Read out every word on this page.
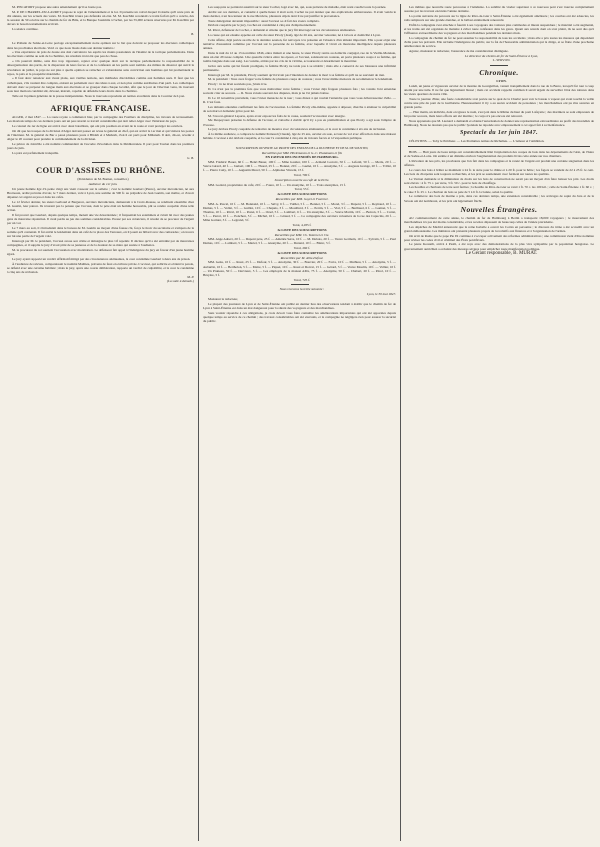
M. PISCATORY propose une autre amendement qu'il se borne pas.

M. P. DE CHARREL-DU-LAURET propose le rejet de l'amendement et la loi. Il présente un calcul duquel il résulte qu'il reste près de dix années, sur les actuels des vœux. M. Kœchlin n'aura pas défendre un état. M. M. Kœchlin reconnaît ce traité forfait qu'il a conclu, dès la session du 50 octobre sur le chemin de fer de Bâle, et la Banque l'assimile à l'achat, par les 55,000 actions réservées par M. Kœchlin par devers le besoin testamentaire écrivait.

La séance continue.

B.

Le Prélude de Saône-et-Loire portage exceptionnellement notre opinion sur le but que doivent se proposer les électeurs catholiques dans les prochaines élections. Voici ce que nous lisons dans son dernier numéro :

« Une expérience de près de douze ans doit convaincre les esprits les moins passionnés de l'inanité de la tactique parlementaire. Dans les élections comme au sein de la chambre, les résultats n'ont été que peu de chose.

« On pourrait même, sans être trop rigoureux, rejeter avec quelque droit sur la tactique parlementaire la responsabilité de la désorganisation des partis, de la dispersion de leurs forces et de la confusion où les partis sont tombés. Au milieu du désarroi qui suivit la révolution de juillet, le pays ne sut plus à quelle opinion se rattacher et s'abandonna sans conviction aux hommes qui lui promettaient le repos, la paix et la prospérité matérielle.

« Il faut donc renoncer aux vieux plans, aux vieilles notions, aux méthodes discréditées comme aux hommes usés. Il faut que les catholiques, s'ils veulent être comptés, entrent au parlement avec des idées à eux, et non plus comme auxiliaires d'un parti. Les catholiques doivent donc se préparer de longue main aux élections et se grouper dans chaque localité, afin que le jour de l'élection venu, ils trouvent sous leur main un candidat sûr, dévoué, instruit, capable de défendre leurs droits dans la chambre.

Telle est l'opinion générale de la presse indépendante. Nous la trouvons reproduite en termes excellents dans le Courrier de Lyon.

AFRIQUE FRANÇAISE.

ALGER, 2 mai 1847. — La route royale a commencé hier, par la compagnie des Fusiliers de discipline, les travaux de terrassement. Les mauvais temps de ces derniers jours ont un peu retardé ce travail considérable qui doit relier Alger avec l'intérieur du pays.

Le colonel du 1er de ligne est arrivé avec deux bataillons, qui ont pris position en avant de la route et vont protéger les ouvriers.

On dit que les troupes de la division d'Alger doivent passer en revue le général en chef, qui est arrivé le 1er mai et qui visitera les postes de l'intérieur. M. le général de Bar a passé plusieurs jours à Blidah et à Médéah, d'où il est parti pour Milianah. Il doit, dit-on, revenir à Alger le 20 courant pour prendre le commandement de la division.

Le prince de Joinville a été nommé commandant de l'escadre d'évolution dans la Méditerranée. Il part pour Toulon dans les premiers jours de juin.

La paix est parfaitement tranquille.

G. B.

COUR D'ASSISES DU RHÔNE.

(Présidence de M. Bonnet, conseiller.)

Audience du 1er juin.

Un jeune homme âgé d'à peine vingt ans vient s'asseoir sur la sellette ; c'est le nommé Gaubert (Pierre), ouvrier mécanicien, né aux Brotteaux, arrêté prévenu d'avoir, le 7 mars dernier, volé à Lyon, une somme de 500 fr. au préjudice de Jean Guérin, son maître, et d'avoir dépensé cet argent au jeu et dans les cafés.

Le 12 février dernier, les sieurs Gerbaud et Bergeron, ouvriers mécaniciens, demeurant à la Croix-Rousse, se rendirent ensemble chez M. Guérin, leur patron. Ils n'eurent pas la pensée que l'accusé, dont le père était un homme honorable, pût se rendre coupable d'une telle action.

Il fut prouvé que Gaubert, depuis quelque temps, menait une vie désordonnée ; il fréquentait les estaminets et s'était lié avec des jeunes gens de mauvaise réputation. Il avait perdu au jeu des sommes considérables. Pressé par ses créanciers, il résolut de se procurer de l'argent par un vol.

Le 7 mars au soir, il s'introduisit dans le bureau de M. Guérin au moyen d'une fausse clé, força le tiroir du secrétaire et s'empara de la somme qu'il contenait. Il fut arrêté le lendemain dans un café de la place des Terreaux, où il jouait au billard avec des camarades ; on trouva sur lui une partie de l'argent volé.

Interrogé par M. le président, l'accusé avoue son crime et témoigne le plus vif repentir. Il déclare qu'il a été entraîné par de mauvaises compagnies, et il supplie le jury d'avoir pitié de sa jeunesse et de la douleur de sa mère qui assiste à l'audience.

M. le procureur du roi soutient l'accusation avec modération. Le défenseur fait appel à l'indulgence du jury en faveur d'un jeune homme égaré.

Le jury ayant rapporté un verdict affirmatif mitigé par des circonstances atténuantes, la cour condamne Gaubert à deux ans de prison.

À l'audience de relevée, comparaissait le nommé Mathieu, prévenu de faux en écriture privée. L'accusé, qui sollicite et obtient la parole, se défend avec une certaine habileté ; mais le jury, après une courte délibération, rapporte un verdict de culpabilité, et la cour le condamne à cinq ans de réclusion.

M. P.

(La suite à demain.)

Les soupçons se portèrent aussitôt sur le sieur Cochet, logé avec lui, qui, sous prétexte de maladie, était resté couché toute la journée.

Arrêté sur ces derniers, et consulté à quelle heure il était sorti, Cochet ne put donner que des explications embarrassées. Il avait vendu le mois dernier, à un brocanteur de la rue Mercière, plusieurs objets dont il ne put justifier la provenance.

Toute dénégation devenait impossible : aussi l'accusé a-t-il fait des aveux complets.

Déclaré coupable par le jury, Cochet est condamné à cinq ans d'emprisonnement.

M. Rivet, défenseur de Cochet, a demandé et obtenu que le jury fût interrogé sur les circonstances atténuantes.

La cause qui est ensuite appelée est celle du sieur Picoly (Jean), âgé de 26 ans, ouvrier veloutier, né à Givors et domicilié à Lyon.

Cette affaire, déjà portée au rôle de la dernière session, fut renvoyée à la présente en l'absence d'un témoin important. Elle a pour objet une tentative d'assassinat commise par l'accusé sur la personne de sa femme, avec laquelle il vivait en mauvaise intelligence depuis plusieurs années.

Dans la nuit du 12 au 13 novembre 1846, entre minuit et une heure, le sieur Picoly rentra au domicile conjugal, rue de la Vieille-Monnaie, dans un état d'ivresse complet. Une querelle s'éleva entre les époux, et l'accusé, saisissant un couteau, en porta plusieurs coups à sa femme, qui tomba baignée dans son sang. Les voisins, attirés par les cris de la victime, accoururent et désarmèrent le meurtrier.

Grâce aux soins qui lui furent prodigués, la femme Picoly ne tarda pas à se rétablir ; mais elle a conservé de ses blessures une infirmité permanente.

Interrogé par M. le président, Picoly soutient qu'il n'avait pas l'intention de donner la mort à sa femme et qu'il ne se souvient de rien.

M. le président : Vous avez frappé votre femme de plusieurs coups de couteau ; vous l'avez même menacée de recommencer le lendemain.

Picoly : Je ne m'en souviens pas, j'étais ivre.

D. Ce n'est pas la première fois que vous maltraitiez votre femme ; vous l'aviez déjà frappée plusieurs fois ; les voisins l'ont entendue souvent crier au secours. — R. Nous avions souvent des disputes, mais je ne l'ai jamais battue.

D. Le 10 novembre précédent, vous l'aviez menacée de la tuer ; vous disiez à qui voulait l'entendre que vous vous débarrasseriez d'elle. — R. C'est faux.

Les témoins entendus confirment les faits de l'accusation. La femme Picoly elle-même, appelée à déposer, cherche à atténuer la culpabilité de son mari et demande grâce pour lui.

M. l'avocat-général Laporte, après avoir exposé les faits de la cause, soutient l'accusation avec énergie.

Me Despeyroux présente la défense de l'accusé, et s'attache à établir qu'il n'y a pas eu préméditation et que Picoly a agi sous l'empire de l'ivresse.

Le jury déclare Picoly coupable de tentative de meurtre avec circonstances atténuantes, et la cour le condamne à six ans de réclusion.

À la même audience, a comparu le nommé Pernoud (Claude), âgé de 25 ans, ouvrier en soie, accusé de vol avec effraction dans une maison habitée. L'accusé a été déclaré coupable, et la cour l'a condamné à cinq ans de travaux forcés et à l'exposition publique.

SOUSCRIPTION OUVERTE AU PROFIT DES ENFANS DE LA DUCHESSE ET DE M. DE SOUSTIN,

Recueillies par MM. Hévlemanns et G.-C. Platamann et fils

EN FAVEUR DES INCENDIÉS DE HAMBOURG.

MM. Frédéric Bauer, 60 f. — Henri Bauer, 100 f. — Mme Gautier, 100 f. — Armand Lacroix, 50 f. — Laforêt, 50 f. — Merle, 20 f. — Veuve Girard, 40 f. — Jaubert, 100 f. — Thorel, 25 f. — Bonnet, 20 f. — Guéné, 10 f. — Anonyme, 5 f. — Auguste Grange, 20 f. — Trillat, 10 f. — Pierre Cuny, 10 f. — Augustin Morel, 50 f. — Alphonse Vincent, 15 f.

Total, 700 f.

Souscription ouverte au café de la Perle.

MM. Godard, propriétaire du café, 20 f. — Faure, 10 f. — Un anonyme, 10 f. — Trois anonymes, 15 f.

Total, 55 f.

2e LISTE DES SOUSCRIPTIONS

Recueillies par MM. Goyet et Fournier.

MM. A. Pascal, 10 f. — M. Bonnand, 10 f. — Salvy, 6 f. — Vuiller, 5 f. — Bonnet, 5 f. — Morel, 3 f. — Dupont, 5 f. — Reynaud, 10 f. — Dumas, 5 f. — Vollat, 3 f. — Guillot, 10 f. — Chapuis, 3 f. — Mouillard, 3 f. — Perrin, 5 f. — Vial, 5 f. — Berthaud, 6 f. — Gonnet, 5 f. — Thomas, 10 f. — Rival, 10 f. — Ponet, 6 f. — Orsel, 5 f. — Lambert, 6 f. — Un anonyme, 3 f. — Veuve Martin, 10 f. — Boiron, 3 f. — Curtet, 5 f. — Perret, 10 f. — Ponchon, 5 f. — Michel, 10 f. — Giraud, 5 f. — La compagnie des ouvriers veloutiers de la rue des Capucins, 26 f. — Mme Garnier, 3 f. — Legrand, 3 f.

Total, 4,185 f.

3e LISTE DES SOUSCRIPTIONS

Recueillies par MM. Ch. Taternet et Cie.

MM. Ange Aubert, 20 f. — Dupont père, 25 f. — Amédée Serre, 10 f. — M. Dubois, 20 f. — Veuve Germain, 10 f. — Sylvain, 5 f. — Paul Dumas, 10 f. — Lambert, 5 f. — Martel, 5 f. — Anonyme, 20 f. — Durand, 10 f. — Blanc, 5 f.

Total, 260 f.

4e LISTE DES SOUSCRIPTIONS

Recueillies par M. Allix-Defour.

MM. Genu, 10 f. — Roux, 25 f. — Dufour, 5 f. — Anonyme, 30 f. — Bouvier, 20 f. — Favre, 10 f. — Mathieu, 5 f. — Anonyme, 5 f. — Auburtin, 10 f. — Bertholon, 5 f. — Maire, 5 f. — Piquet, 10 f. — Roux et Dorvet, 15 f. — Gérard, 5 f. — Veuve Moulin, 10 f. — Vallier, 10 f. — Un Pruneau, 50 f. — Dervieux, 5 f. — Les employés de la maison Allix, 75 f. — Anonyme, 50 f. — Chabert, 20 f. — Pérol, 10 f. — Bruyère, 5 f.

Total, 725 f.

Nous recevons la lettre suivante :

Lyon, le 30 mai 1847.

Monsieur le rédacteur,

Le plupart des journaux de Lyon et de Saint-Étienne ont publié en dernier lieu des observations tendant à établir que le chemin de fer de Lyon à Saint-Étienne est dans un état dangereux pour la sûreté des voyageurs et des marchandises.

Sans vouloir répondre à ces allégations, je crois devoir vous faire connaître les améliorations importantes qui ont été apportées depuis quelque temps au service de ce chemin ; des travaux considérables ont été exécutés, et la compagnie ne négligera rien pour assurer la sécurité du public.

Les mêmes que nouvelle route parcourue à l'Ainduize. La solidité du viaduc supérieur à ce nouveau pont s'est trouvée complétement assurée par les travaux exécutés l'année dernière.

La partie suivante du parcours sur la ligne de Rive-de-Gier à Saint-Étienne a été également améliorée ; les courbes ont été adoucies, les rails remplacés sur une grande étendue, et le ballast entièrement renouvelé.

Enfin la compagnie s'est attachée à fournir à ses voyageurs des voitures plus commodes et mieux suspendues ; le matériel a été augmenté, et les trains ont été organisés de manière à éviter toute confusion dans les gares. Quant aux retards dont on s'est plaint, ils ne sont dus qu'à l'affluence extraordinaire des voyageurs et des marchandises pendant les derniers mois.

La compagnie du chemin de fer ne peut assumer la responsabilité de tous les accidents ; mais elle a pris toutes les mesures qui dépendent d'elle pour les prévenir. Elle réclame l'indulgence du public, sur la foi de l'honorable administration qui la dirige, et se flatte d'une prochaine amélioration du service.

Agréez, monsieur le rédacteur, l'assurance de ma considération distinguée.

Le directeur du chemin de fer de Saint-Étienne à Lyon,

L. SERVON.

Chronique.

LYON.

Lundi, un jeune et vigoureux ouvrier de la montée du Gourguillon, venant tranquillement dans la rue de la Barre, lorsqu'il fut tout à coup atteint par une tuile. Il ne fut que légèrement blessé ; mais cet accident rappelle combien il serait urgent de surveiller l'état des toitures dans les vieux quartiers de notre ville.

Toute la journée d'hier, une foule considérable s'est portée sur le quai de la Charité pour voir le bateau à vapeur qui avait touché la veille contre une pile du pont de la Guillotière. Heureusement il n'y a eu aucun accident de personnes ; les marchandises ont pu être sauvées en grande partie.

— Hier matin, un individu, dont on ignore le nom, s'est jeté dans le Rhône du haut du pont Lafayette ; des mariniers se sont empressés de lui porter secours, mais leurs efforts ont été inutiles ; le corps n'a pas encore été retrouvé.

Nous apprenons que M. Léonard a demandé et obtenu l'autorisation de donner une représentation extraordinaire au profit des incendiés de Hambourg. Nous ne doutons pas que le public lyonnais ne réponde avec empressement à cet appel fait à sa bienfaisance.

Spectacle du 1er juin 1847.

CÉLESTINS. — Toby le Prêcheur. — Les Premières Armes de Richelieu. — L'Amour et l'Ambition.

BOIS. — Huit jours de beau temps ont considérablement hâté l'exploitation des coupes de bois dans les départements de l'Ain, de l'Isère et de Saône-et-Loire. On estime à un dixième environ l'augmentation des produits livrés cette année sur nos chantiers.

L'élévation de nos prix, les provisions que l'on fait dans les campagnes et la rareté de l'argent ont produit une certaine stagnation dans les affaires.

Le cours des bois à brûler se maintient à 24 fr. le stère pour le chêne et à 20 fr. pour le hêtre ; les fagots se vendent de 22 à 25 fr. le cent. Les bois de charpente sont toujours recherchés, et les prix se soutiennent avec fermeté sur toutes les qualités.

Le Vernon demande si la diminution de droits sur les bois de construction ne serait pas un moyen d'en faire baisser les prix. Les droits sont élevés : 4 fr. 75 c. par stère, 3 fr. 50 c. pour le bois de chauffage.

Les houilles et charbons de terre sont fermes ; la houille de Rive-de-Gier se vend 1 fr. 70 c. les 100 kil. ; celle de Saint-Étienne 1 fr. 60 c. ; le coke 3 fr. 25 c. Le charbon de bois se paie de 5 à 6 fr. la banne, selon la qualité.

Le commerce des bois de marine a pris, dans ces derniers temps, une extension considérable ; les arrivages de sapin du Jura et de la Savoie ont été nombreux, et les prix ont légèrement fléchi.

Nouvelles Étrangères.

AU commencement de cette année, le chemin de fer de Hambourg à Berlin a transporté 18,000 voyageurs ; le mouvement des marchandises n'a pas été moins considérable, et les recettes dépassent de beaucoup celles de l'année précédente.

Les dépêches de Madrid annoncent que la reine Isabelle a ouvert les Cortès en personne ; le discours du trône a été accueilli avec un grand enthousiasme. Les ministres ont présenté plusieurs projets de loi relatifs aux finances et à l'organisation de l'armée.

On écrit de Rome que le pape Pie IX continue à s'occuper activement des réformes administratives ; une commission vient d'être nommée pour réviser les codes civil et criminel des États pontificaux.

Le jeune Kossuth, arrivé à Pesth, a été reçu avec des démonstrations de la plus vive sympathie par la population hongroise. Le gouvernement autrichien a ordonné des mesures sévères pour empêcher toute manifestation politique.

Le Gérant responsable, B. MURAT.
